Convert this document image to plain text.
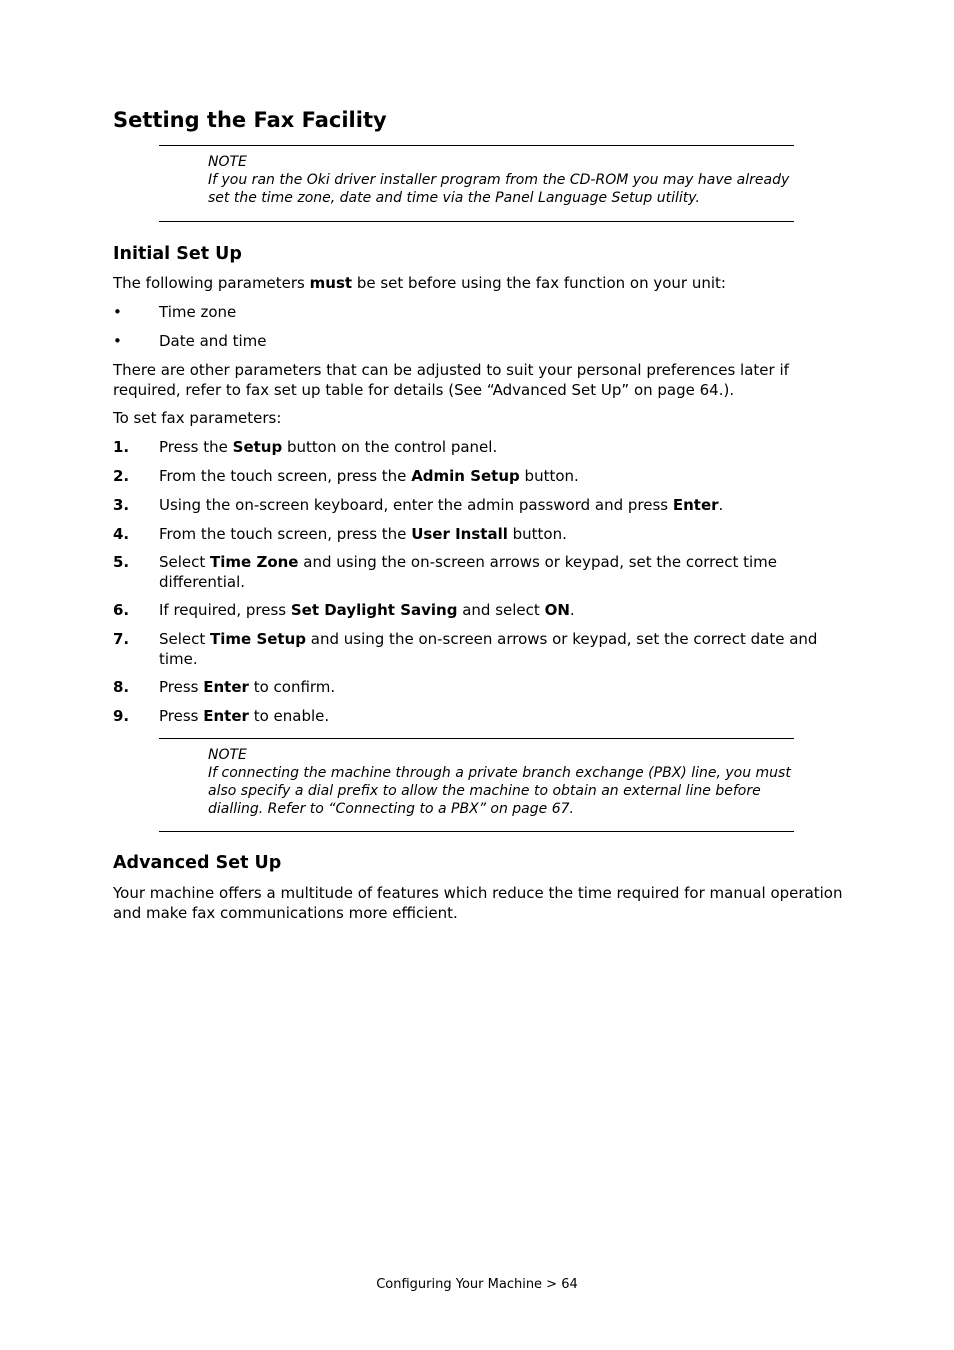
Setting the Fax Facility
NOTE
If you ran the Oki driver installer program from the CD-ROM you may have already set the time zone, date and time via the Panel Language Setup utility.
Initial Set Up

The following parameters must be set before using the fax function on your unit:

• Time zone
• Date and time

There are other parameters that can be adjusted to suit your personal preferences later if required, refer to fax set up table for details (See “Advanced Set Up” on page 64.).

To set fax parameters:

1. Press the Setup button on the control panel.
2. From the touch screen, press the Admin Setup button.
3. Using the on-screen keyboard, enter the admin password and press Enter.
4. From the touch screen, press the User Install button.
5. Select Time Zone and using the on-screen arrows or keypad, set the correct time differential.
6. If required, press Set Daylight Saving and select ON.
7. Select Time Setup and using the on-screen arrows or keypad, set the correct date and time.
8. Press Enter to confirm.
9. Press Enter to enable.
NOTE
If connecting the machine through a private branch exchange (PBX) line, you must also specify a dial prefix to allow the machine to obtain an external line before dialling. Refer to “Connecting to a PBX” on page 67.
Advanced Set Up

Your machine offers a multitude of features which reduce the time required for manual operation and make fax communications more efficient.

Configuring Your Machine > 64
